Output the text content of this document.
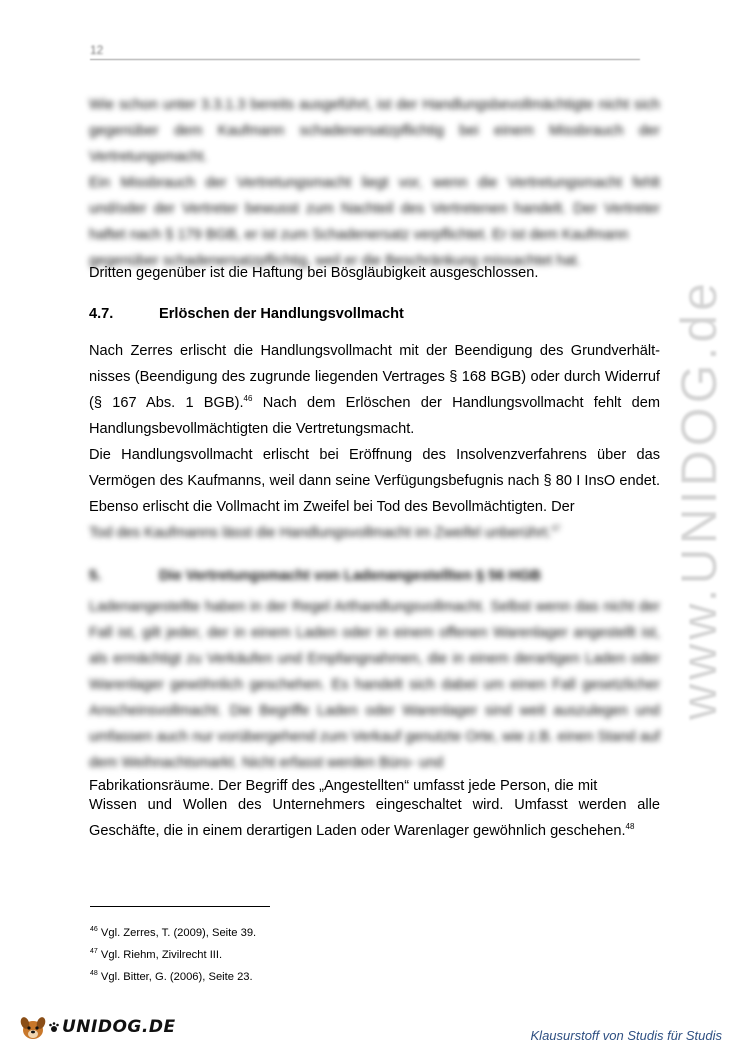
12

Wie schon unter 3.3.1.3 bereits ausgeführt, ist der Handlungsbevollmächtigte nicht sich gegenüber dem Kaufmann schadenersatzpflichtig bei einem Missbrauch der Vertretungsmacht.

Ein Missbrauch der Vertretungsmacht liegt vor, wenn die Vertretungsmacht fehlt und/oder der Vertreter bewusst zum Nachteil des Vertretenen handelt. Der Vertreter haftet nach § 179 BGB, er ist zum Schadenersatz verpflichtet. Er ist dem Kaufmann

gegenüber schadenersatzpflichtig, weil er die Beschränkung missachtet hat.
Dritten gegenüber ist die Haftung bei Bösgläubigkeit ausgeschlossen.

4.7.	Erlöschen der Handlungsvollmacht

Nach Zerres erlischt die Handlungsvollmacht mit der Beendigung des Grundverhältnisses (Beendigung des zugrunde liegenden Vertrages § 168 BGB) oder durch Widerruf (§ 167 Abs. 1 BGB).$^{46}$ Nach dem Erlöschen der Handlungsvollmacht fehlt dem Handlungsbevollmächtigten die Vertretungsmacht.

Die Handlungsvollmacht erlischt bei Eröffnung des Insolvenzverfahrens über das Vermögen des Kaufmanns, weil dann seine Verfügungsbefugnis nach § 80 I InsO endet. Ebenso erlischt die Vollmacht im Zweifel bei Tod des Bevollmächtigten. Der

Tod des Kaufmanns lässt die Handlungsvollmacht im Zweifel unberührt.$^{47}$

5.	Die Vertretungsmacht von Ladenangestellten § 56 HGB

Ladenangestellte haben in der Regel Arthandlungsvollmacht. Selbst wenn das nicht der Fall ist, gilt jeder, der in einem Laden oder in einem offenen Warenlager angestellt ist, als ermächtigt zu Verkäufen und Empfangnahmen, die in einem derartigen Laden oder Warenlager gewöhnlich geschehen. Es handelt sich dabei um einen Fall gesetzlicher Anscheinsvollmacht. Die Begriffe Laden oder Warenlager sind weit auszulegen und umfassen auch nur vorübergehend zum Verkauf genutzte Orte, wie z.B. einen Stand auf dem Weihnachtsmarkt. Nicht erfasst werden Büro- und

Fabrikationsräume. Der Begriff des „Angestellten“ umfasst jede Person, die mit
Wissen und Wollen des Unternehmers eingeschaltet wird. Umfasst werden alle Geschäfte, die in einem derartigen Laden oder Warenlager gewöhnlich geschehen.$^{48}$

$^{46}$ Vgl. Zerres, T. (2009), Seite 39.
$^{47}$ Vgl. Riehm, Zivilrecht III.
$^{48}$ Vgl. Bitter, G. (2006), Seite 23.
www.UNIDOG.de
UNIDOG.DE	Klausurstoff von Studis für Studis
